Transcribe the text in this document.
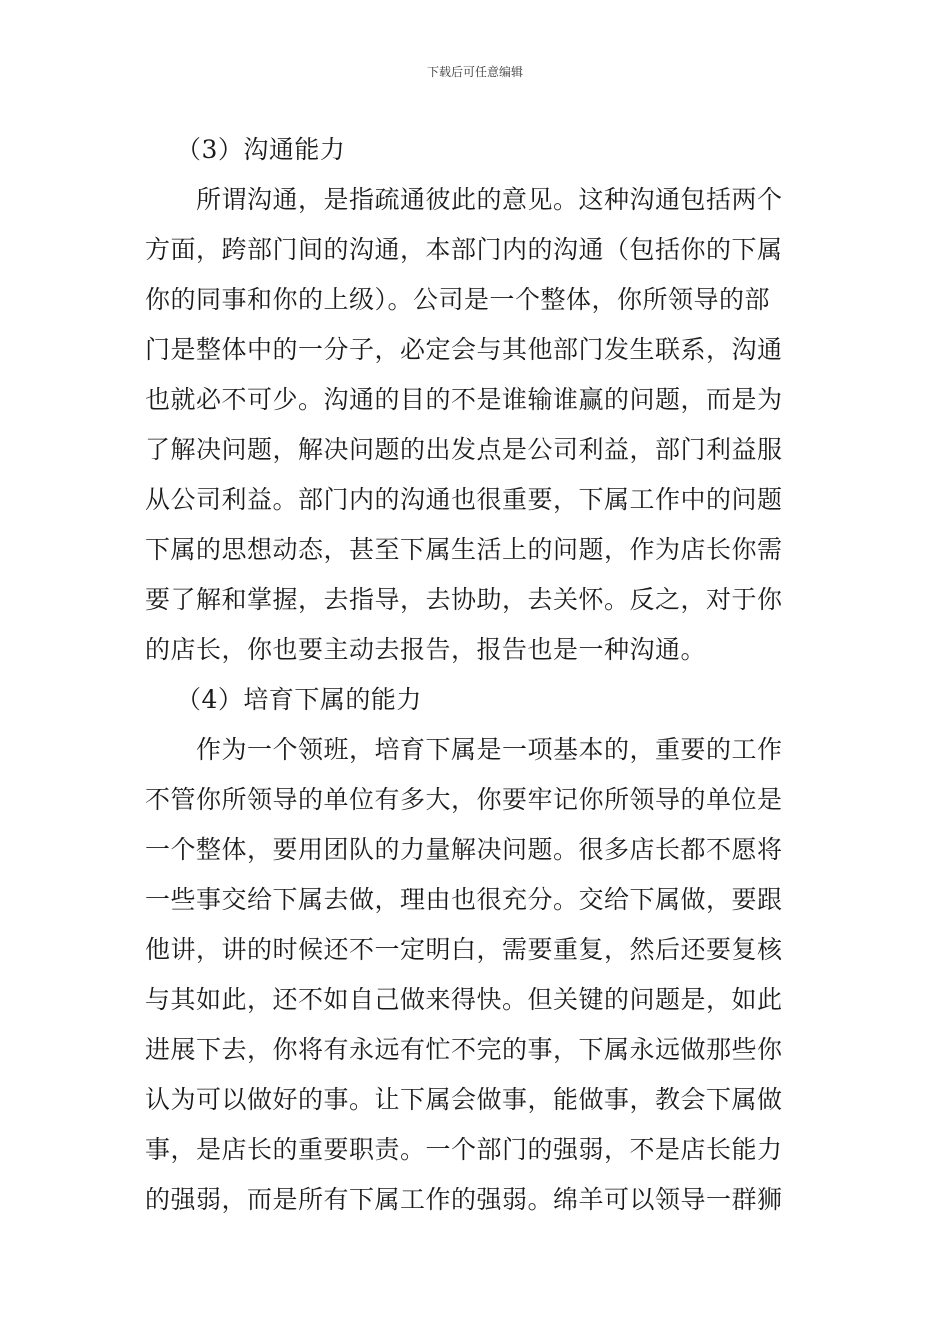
下载后可任意编辑
（3）沟通能力
所谓沟通，是指疏通彼此的意见。这种沟通包括两个
方面，跨部门间的沟通，本部门内的沟通（包括你的下属
你的同事和你的上级）。公司是一个整体，你所领导的部
门是整体中的一分子，必定会与其他部门发生联系，沟通
也就必不可少。沟通的目的不是谁输谁赢的问题，而是为
了解决问题，解决问题的出发点是公司利益，部门利益服
从公司利益。部门内的沟通也很重要，下属工作中的问题
下属的思想动态，甚至下属生活上的问题，作为店长你需
要了解和掌握，去指导，去协助，去关怀。反之，对于你
的店长，你也要主动去报告，报告也是一种沟通。
（4）培育下属的能力
作为一个领班，培育下属是一项基本的，重要的工作
不管你所领导的单位有多大，你要牢记你所领导的单位是
一个整体，要用团队的力量解决问题。很多店长都不愿将
一些事交给下属去做，理由也很充分。交给下属做，要跟
他讲，讲的时候还不一定明白，需要重复，然后还要复核
与其如此，还不如自己做来得快。但关键的问题是，如此
进展下去，你将有永远有忙不完的事，下属永远做那些你
认为可以做好的事。让下属会做事，能做事，教会下属做
事，是店长的重要职责。一个部门的强弱，不是店长能力
的强弱，而是所有下属工作的强弱。绵羊可以领导一群狮
